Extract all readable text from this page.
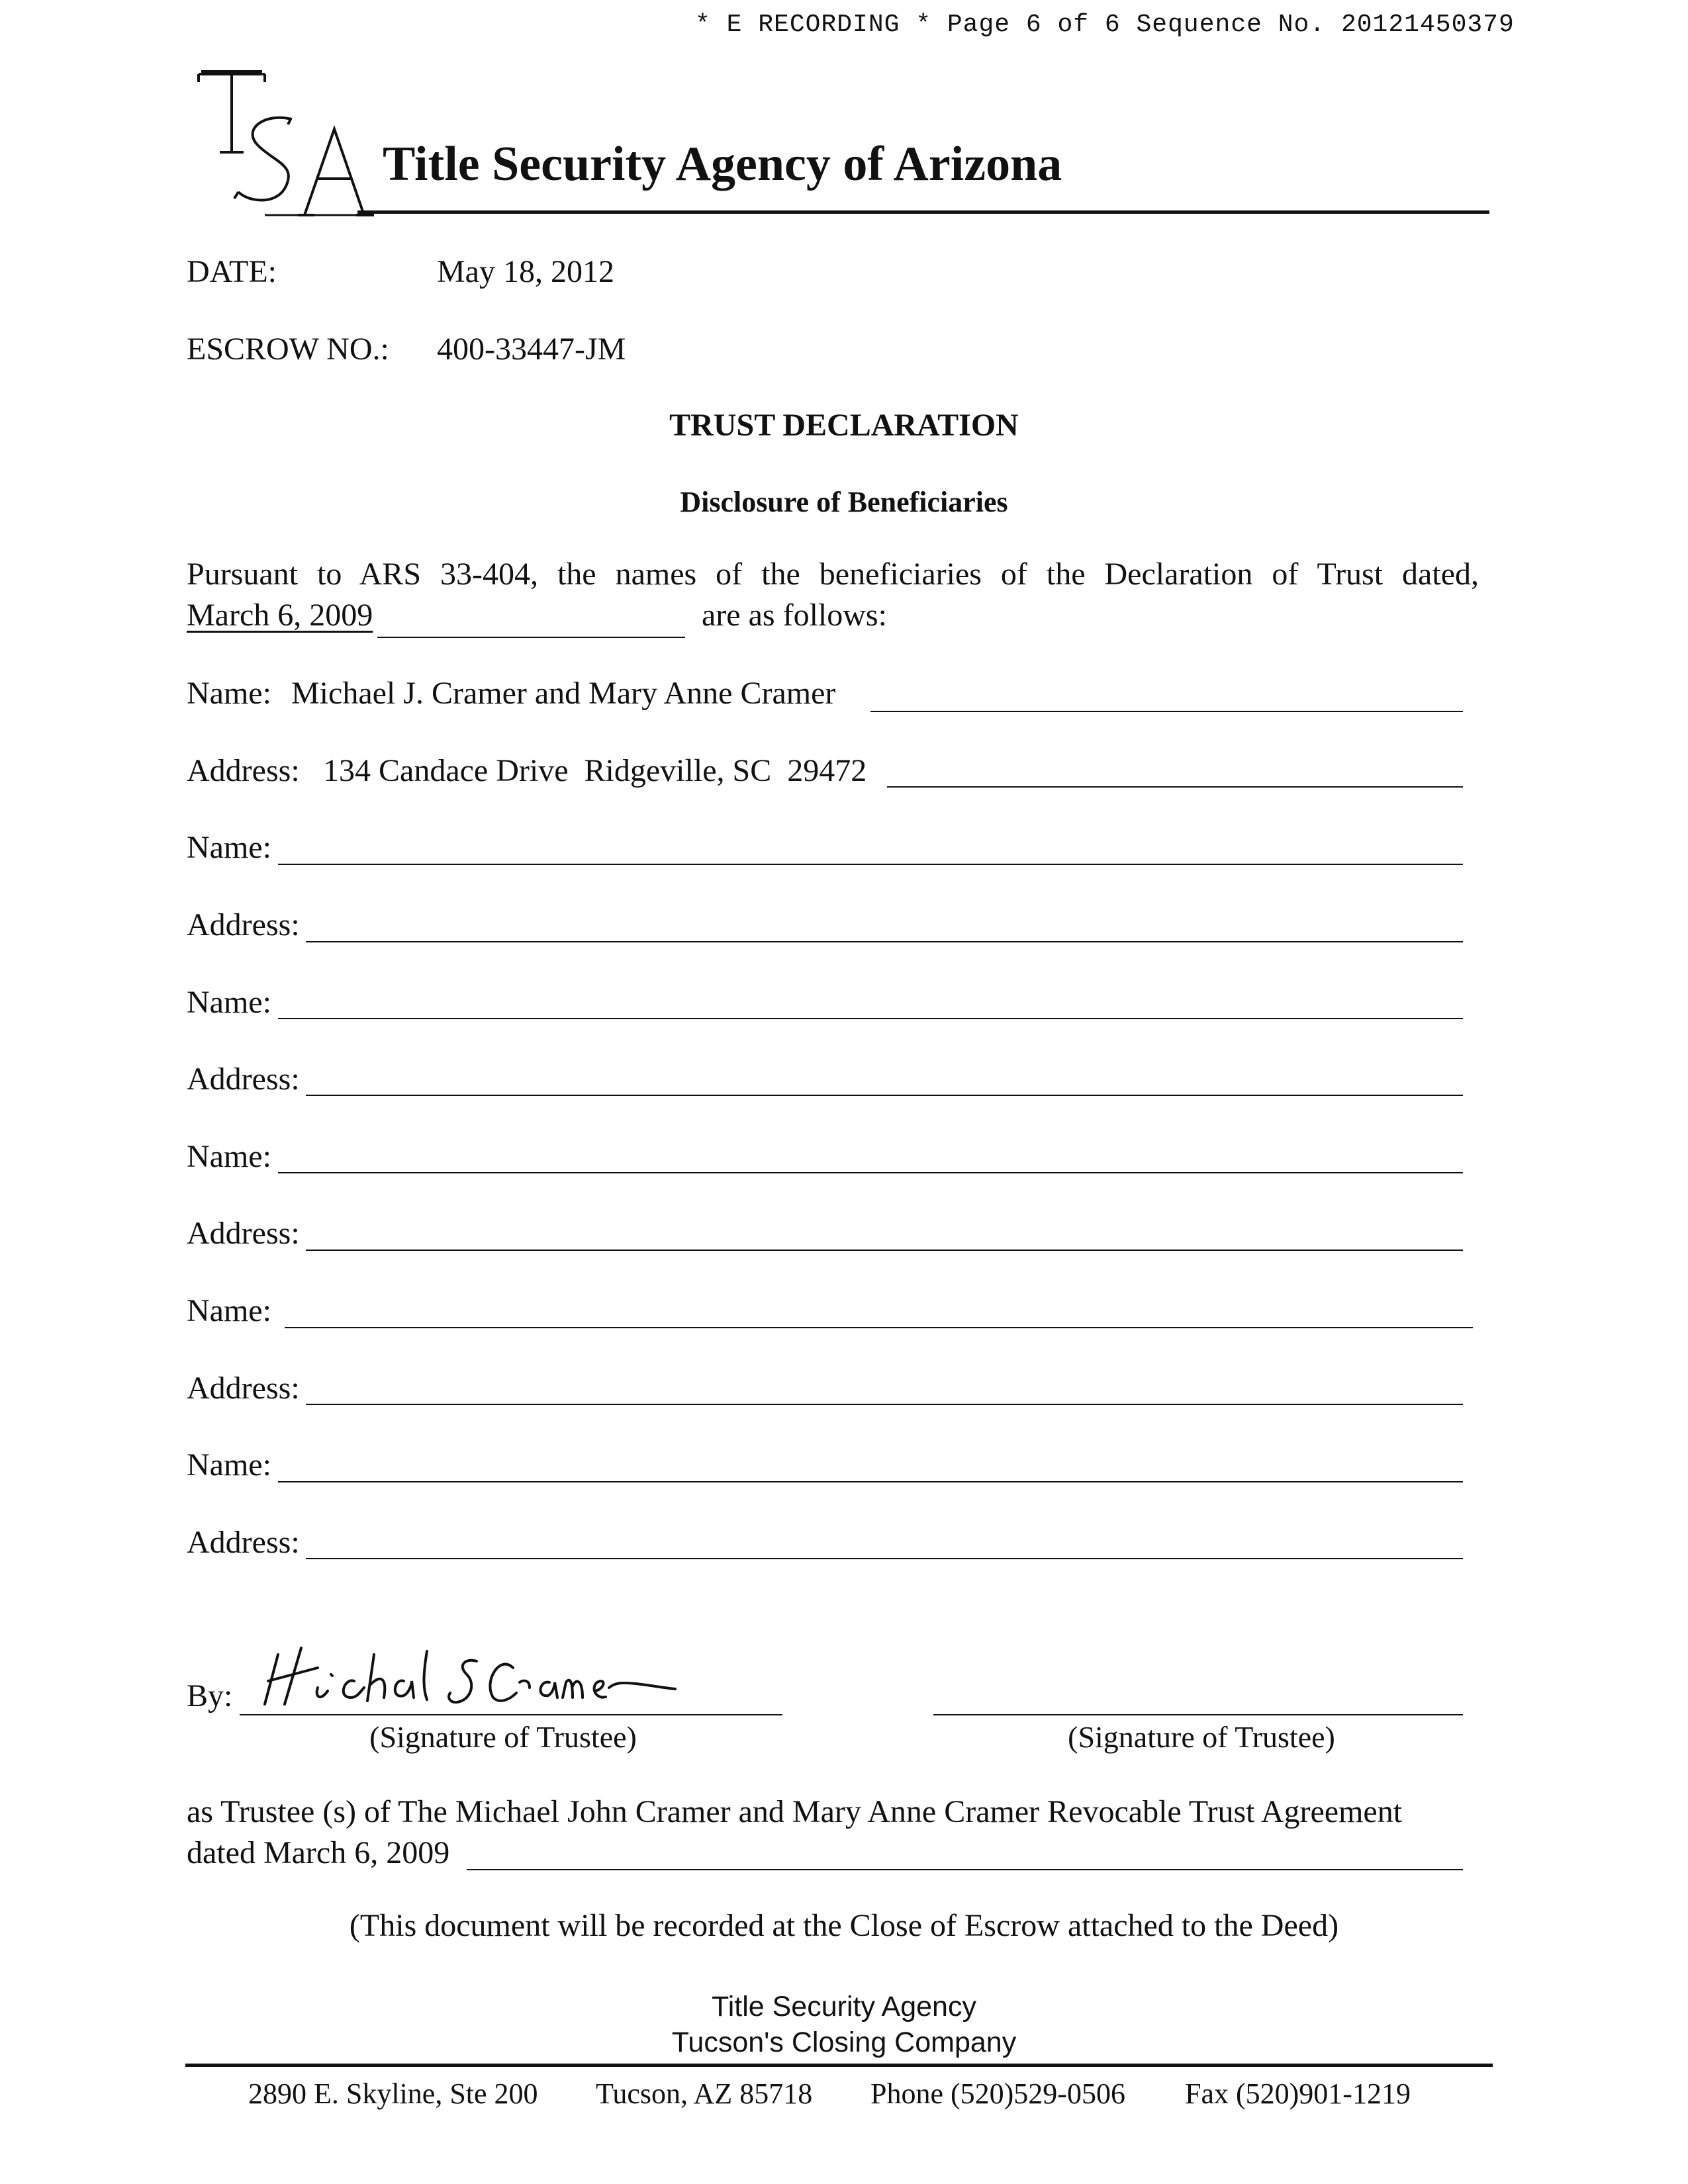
* E RECORDING * Page 6 of 6 Sequence No. 20121450379
Title Security Agency of Arizona
DATE:	May 18, 2012
ESCROW NO.: 400-33447-JM
TRUST DECLARATION
Disclosure of Beneficiaries
Pursuant to ARS 33-404, the names of the beneficiaries of the Declaration of Trust dated,
March 6, 2009	are as follows:
Name: Michael J. Cramer and Mary Anne Cramer
Address: 134 Candace Drive  Ridgeville, SC  29472
Name:
Address:
Name:
Address:
Name:
Address:
Name:
Address:
Name:
Address:
By:
(Signature of Trustee)	(Signature of Trustee)
as Trustee (s) of The Michael John Cramer and Mary Anne Cramer Revocable Trust Agreement
dated March 6, 2009
(This document will be recorded at the Close of Escrow attached to the Deed)
Title Security Agency
Tucson's Closing Company
2890 E. Skyline, Ste 200 Tucson, AZ 85718 Phone (520)529-0506 Fax (520)901-1219
